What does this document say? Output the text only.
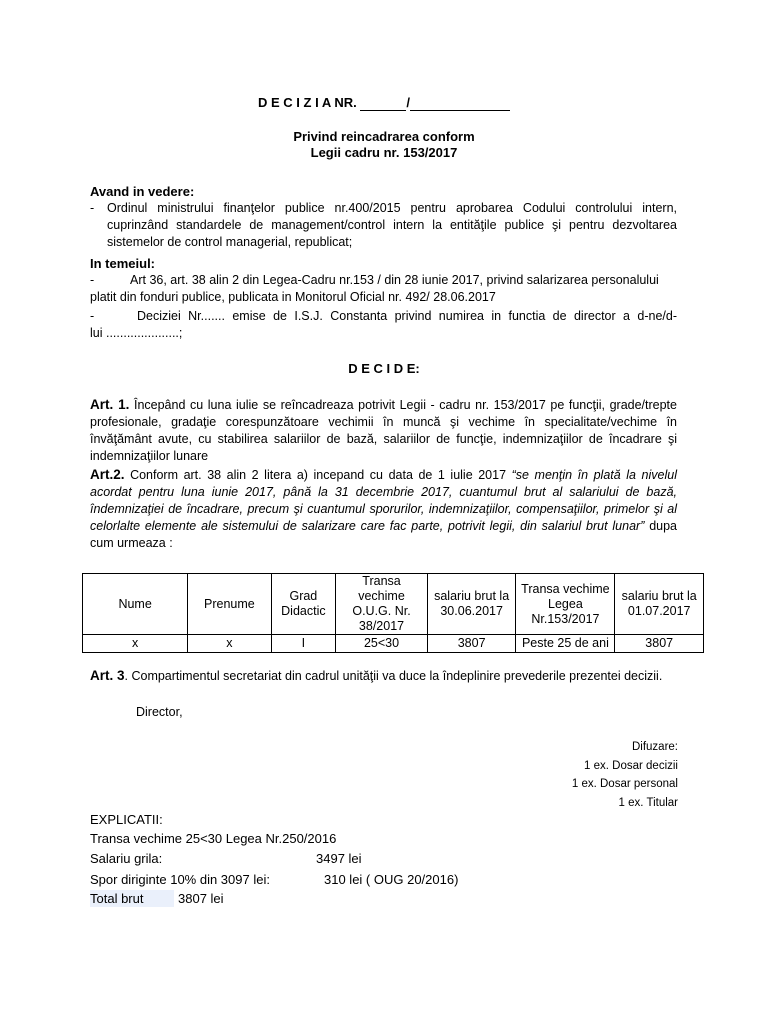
D E C I Z I A NR.	/
Privind reincadrarea conform
Legii cadru nr. 153/2017
Avand in vedere:
- Ordinul ministrului finanţelor publice nr.400/2015 pentru aprobarea Codului controlului intern, cuprinzând standardele de management/control intern la entităţile publice şi pentru dezvoltarea sistemelor de control managerial, republicat;
In temeiul:
-	Art 36, art. 38 alin 2 din Legea-Cadru nr.153 / din 28 iunie 2017, privind salarizarea personalului
platit din fonduri publice, publicata in Monitorul Oficial nr. 492/ 28.06.2017
-	Deciziei Nr....... emise de I.S.J. Constanta privind numirea in functia de director a d-ne/d-
lui .....................;
D E C I D E:
Art. 1. Începând cu luna iulie se reîncadreaza potrivit Legii - cadru nr. 153/2017 pe funcţii, grade/trepte profesionale, gradaţie corespunzătoare vechimii în muncă şi vechime în specialitate/vechime în învăţământ avute, cu stabilirea salariilor de bază, salariilor de funcţie, indemnizaţiilor de încadrare şi indemnizaţiilor lunare
Art.2. Conform art. 38 alin 2 litera a) incepand cu data de 1 iulie 2017 “se menţin în plată la nivelul acordat pentru luna iunie 2017, până la 31 decembrie 2017, cuantumul brut al salariului de bază, îndemnizaţiei de încadrare, precum şi cuantumul sporurilor, indemnizaţiilor, compensaţiilor, primelor şi al celorlalte elemente ale sistemului de salarizare care fac parte, potrivit legii, din salariul brut lunar” dupa cum urmeaza :
Nume	Prenume	Grad Didactic	Transa vechime O.U.G. Nr. 38/2017	salariu brut la 30.06.2017	Transa vechime Legea Nr.153/2017	salariu brut la 01.07.2017
x	x	I	25<30	3807	Peste 25 de ani	3807
Art. 3. Compartimentul secretariat din cadrul unităţii va duce la îndeplinire prevederile prezentei decizii.
Director,
Difuzare:
1 ex. Dosar decizii
1 ex. Dosar personal
1 ex. Titular
EXPLICATII:
Transa vechime 25<30 Legea Nr.250/2016
Salariu grila:	3497 lei
Spor diriginte 10% din 3097 lei:	310 lei ( OUG 20/2016)
Total brut	3807 lei
